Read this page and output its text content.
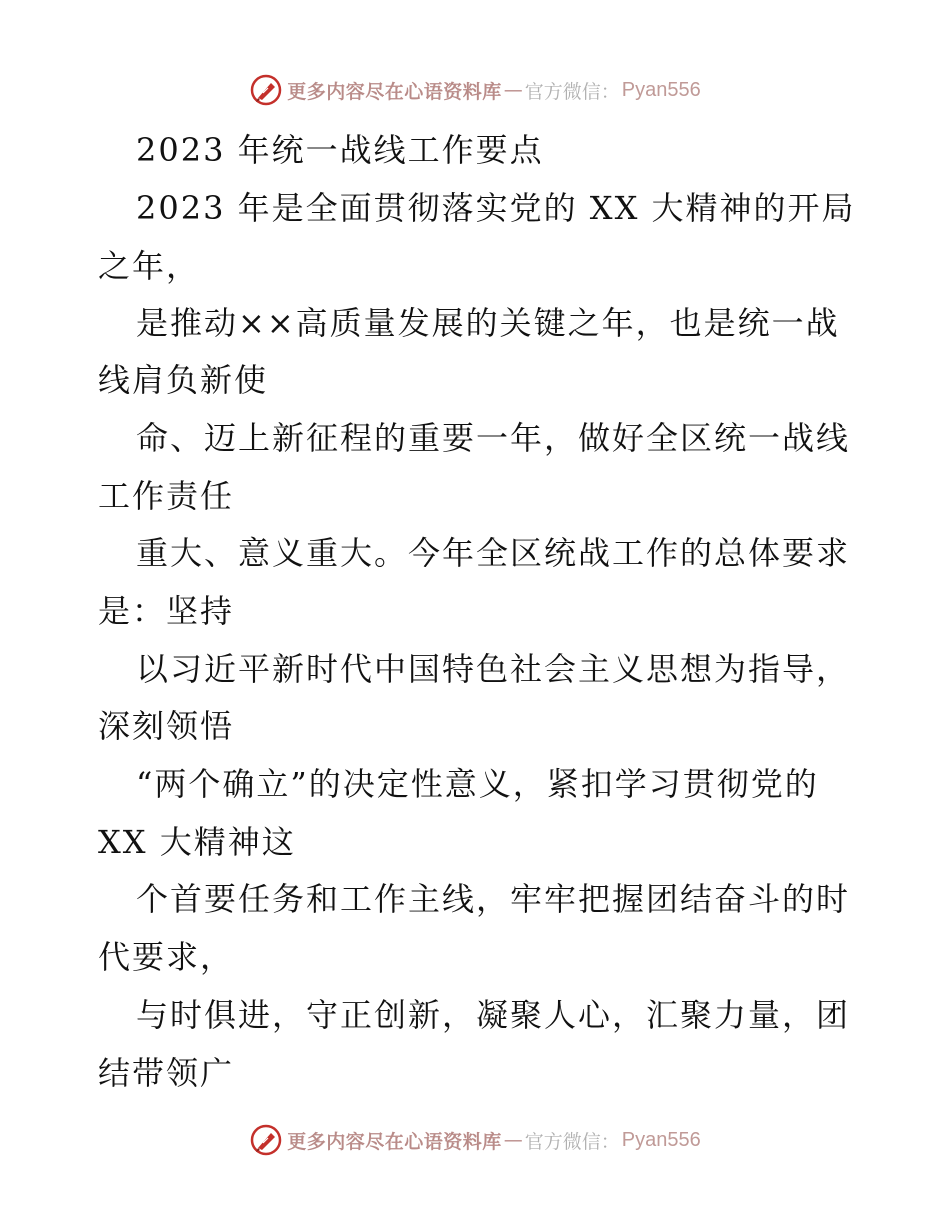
更多内容尽在心语资料库 — 官方微信： Pyan556
2023 年统一战线工作要点
2023 年是全面贯彻落实党的 XX 大精神的开局
之年，
是推动××高质量发展的关键之年，也是统一战
线肩负新使
命、迈上新征程的重要一年，做好全区统一战线
工作责任
重大、意义重大。今年全区统战工作的总体要求
是：坚持
以习近平新时代中国特色社会主义思想为指导，
深刻领悟
“两个确立”的决定性意义，紧扣学习贯彻党的
XX 大精神这
个首要任务和工作主线，牢牢把握团结奋斗的时
代要求，
与时俱进，守正创新，凝聚人心，汇聚力量，团
结带领广
更多内容尽在心语资料库 — 官方微信： Pyan556
